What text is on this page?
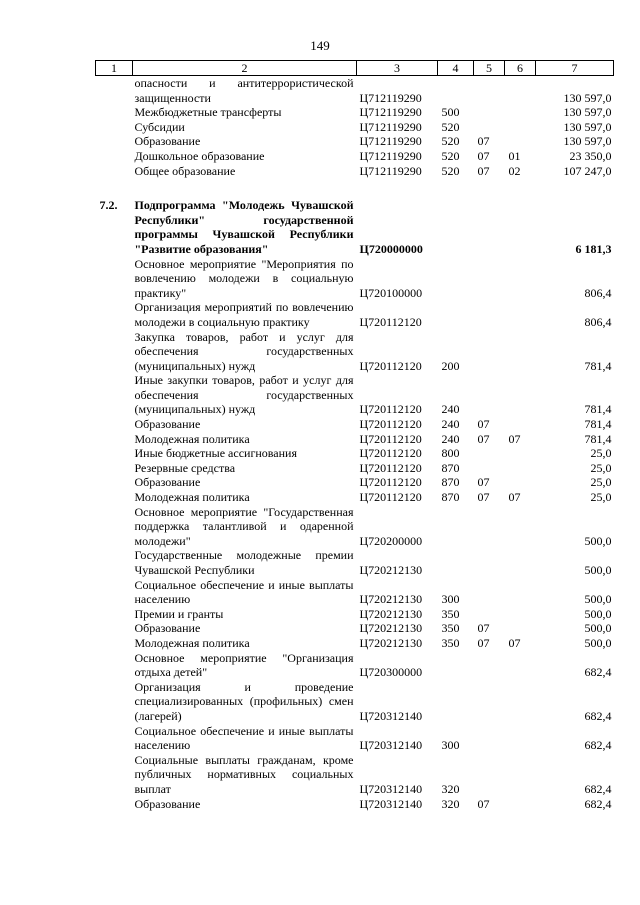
149
1	2	3	4	5	6	7
	опасности и антитеррористической защищенности	Ц712119290				130 597,0
	Межбюджетные трансферты	Ц712119290	500			130 597,0
	Субсидии	Ц712119290	520			130 597,0
	Образование	Ц712119290	520	07		130 597,0
	Дошкольное образование	Ц712119290	520	07	01	23 350,0
	Общее образование	Ц712119290	520	07	02	107 247,0

7.2.	Подпрограмма "Молодежь Чувашской Республики" государственной программы Чувашской Республики "Развитие образования"	Ц720000000				6 181,3
	Основное мероприятие "Мероприятия по вовлечению молодежи в социальную практику"	Ц720100000				806,4
	Организация мероприятий по вовлечению молодежи в социальную практику	Ц720112120				806,4
	Закупка товаров, работ и услуг для обеспечения государственных (муниципальных) нужд	Ц720112120	200			781,4
	Иные закупки товаров, работ и услуг для обеспечения государственных (муниципальных) нужд	Ц720112120	240			781,4
	Образование	Ц720112120	240	07		781,4
	Молодежная политика	Ц720112120	240	07	07	781,4
	Иные бюджетные ассигнования	Ц720112120	800			25,0
	Резервные средства	Ц720112120	870			25,0
	Образование	Ц720112120	870	07		25,0
	Молодежная политика	Ц720112120	870	07	07	25,0
	Основное мероприятие "Государственная поддержка талантливой и одаренной молодежи"	Ц720200000				500,0
	Государственные молодежные премии Чувашской Республики	Ц720212130				500,0
	Социальное обеспечение и иные выплаты населению	Ц720212130	300			500,0
	Премии и гранты	Ц720212130	350			500,0
	Образование	Ц720212130	350	07		500,0
	Молодежная политика	Ц720212130	350	07	07	500,0
	Основное мероприятие "Организация отдыха детей"	Ц720300000				682,4
	Организация и проведение специализированных (профильных) смен (лагерей)	Ц720312140				682,4
	Социальное обеспечение и иные выплаты населению	Ц720312140	300			682,4
	Социальные выплаты гражданам, кроме публичных нормативных социальных выплат	Ц720312140	320			682,4
	Образование	Ц720312140	320	07		682,4
